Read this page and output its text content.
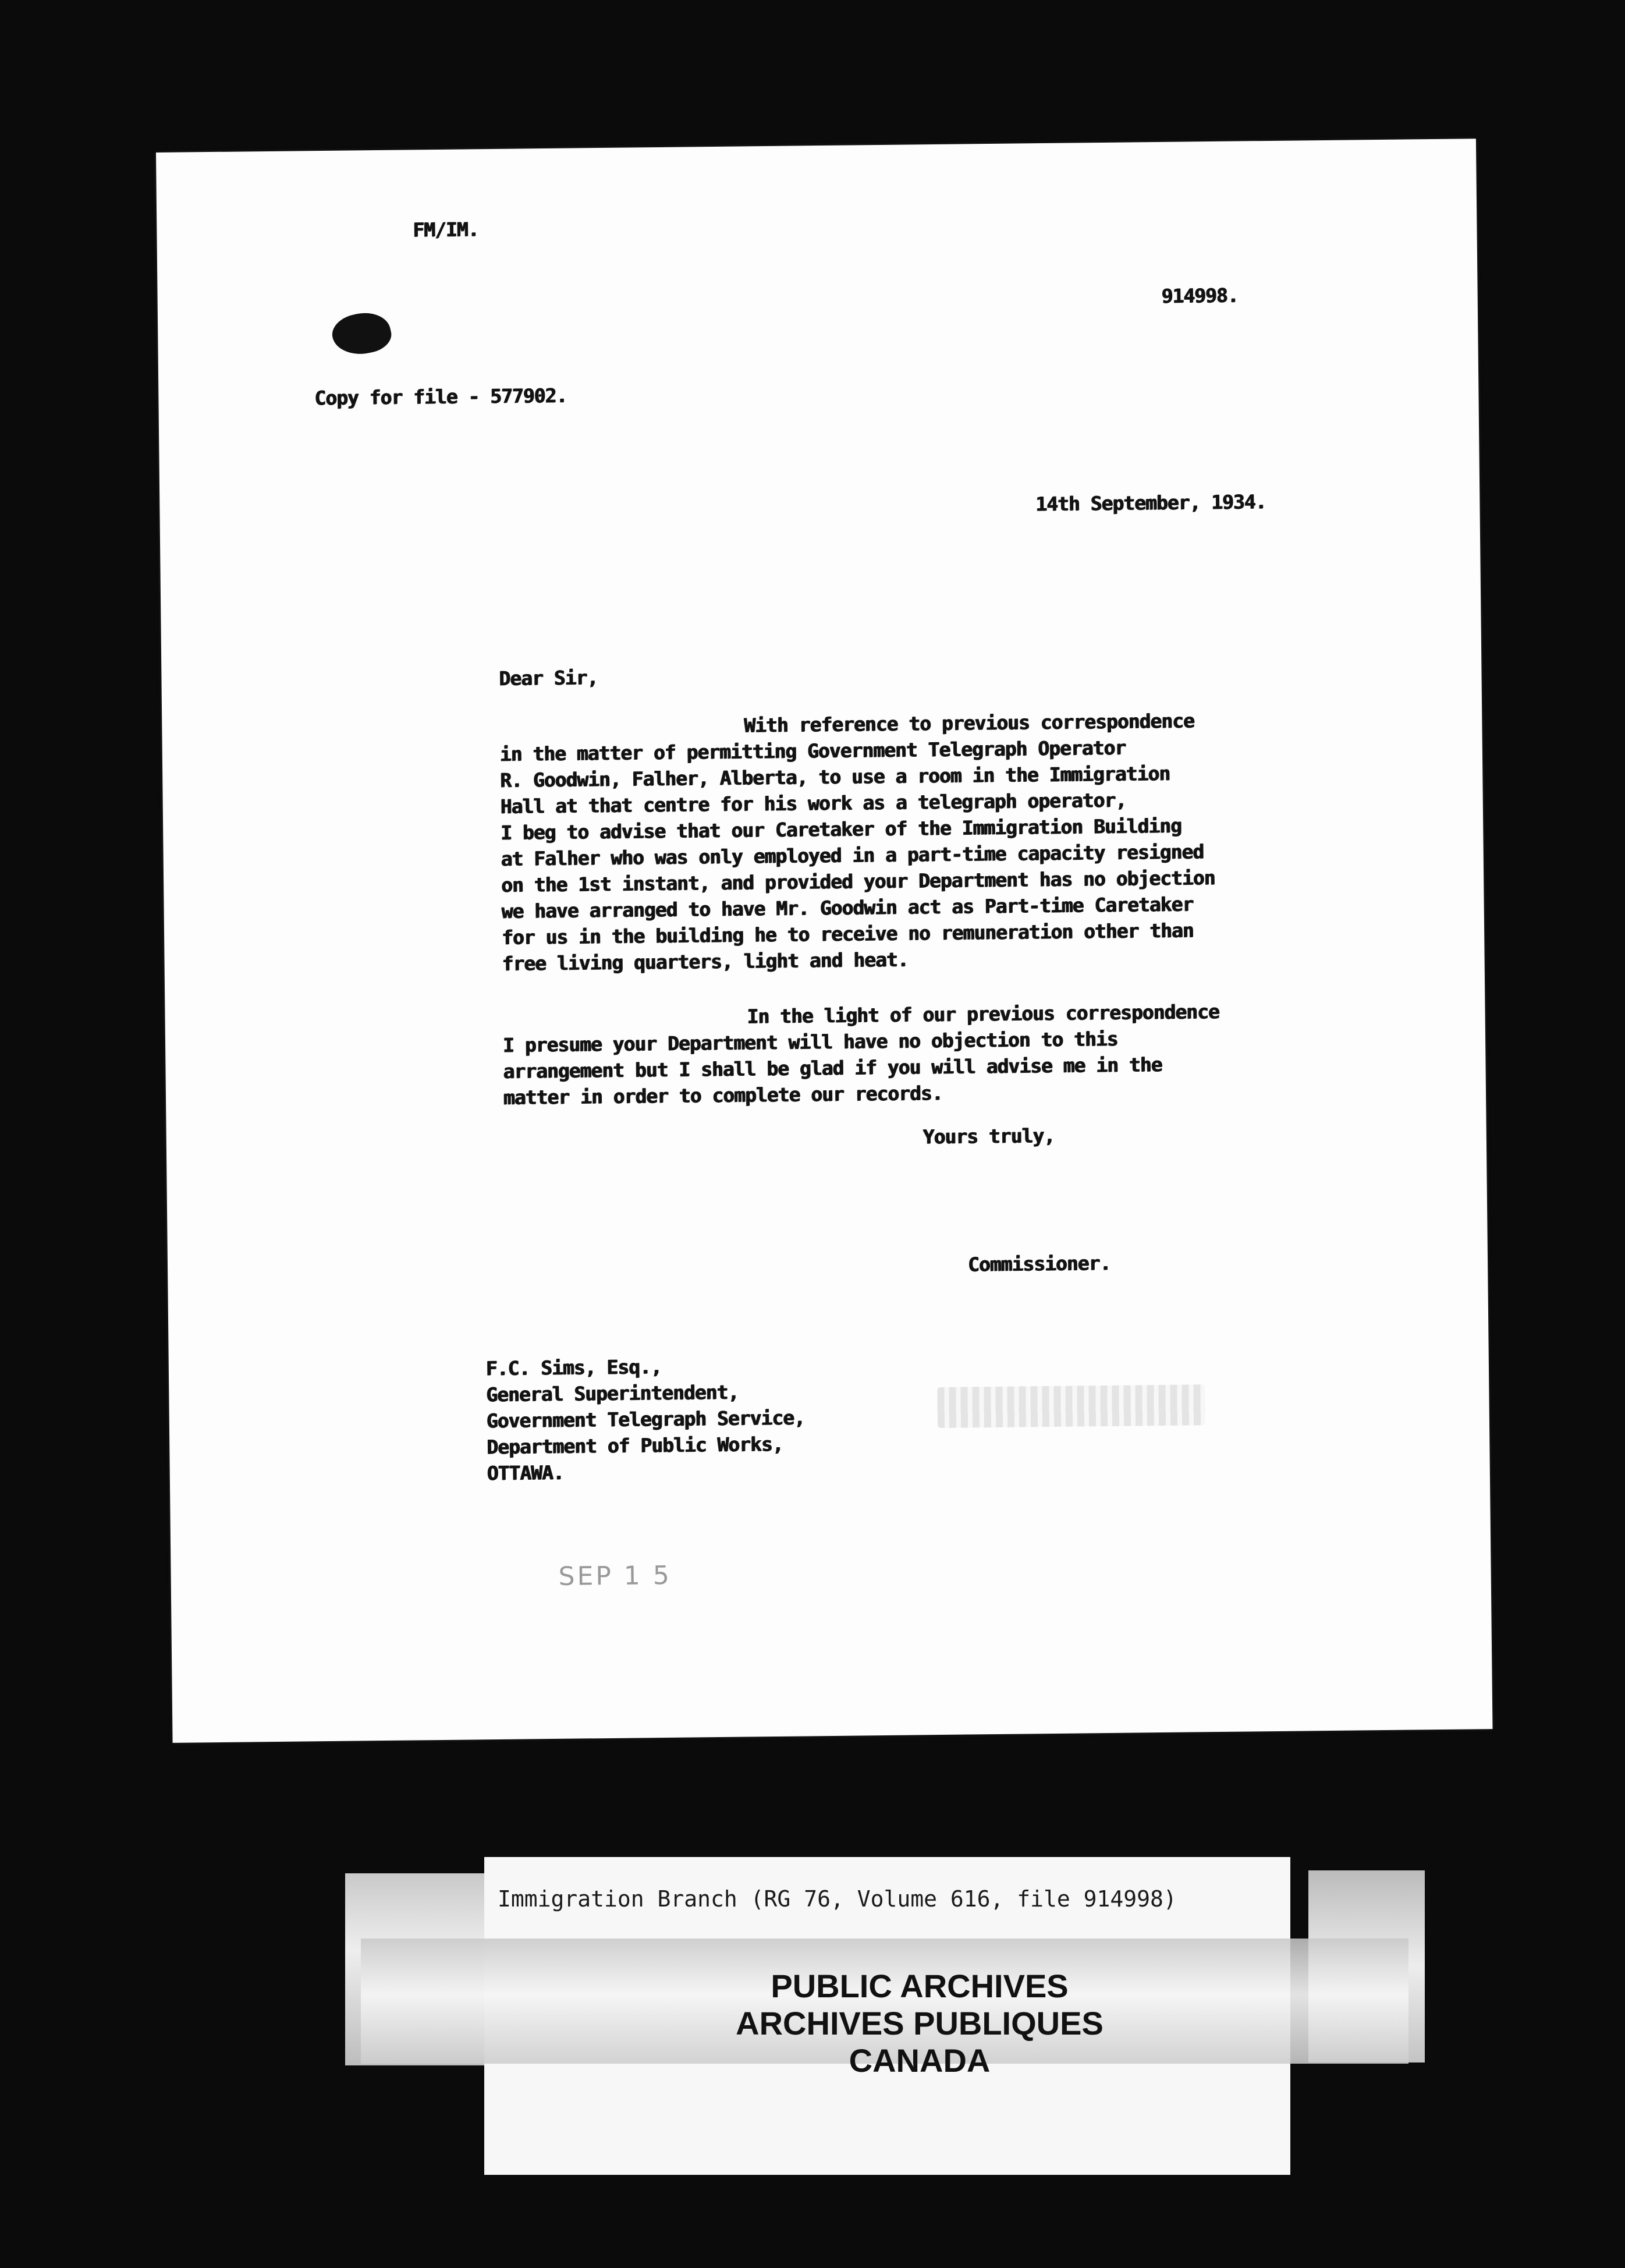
FM/IM.
914998.
Copy for file - 577902.
14th September, 1934.
Dear Sir,
With reference to previous correspondence
in the matter of permitting Government Telegraph Operator
R. Goodwin, Falher, Alberta, to use a room in the Immigration
Hall at that centre for his work as a telegraph operator,
I beg to advise that our Caretaker of the Immigration Building
at Falher who was only employed in a part-time capacity resigned
on the 1st instant, and provided your Department has no objection
we have arranged to have Mr. Goodwin act as Part-time Caretaker
for us in the building he to receive no remuneration other than
free living quarters, light and heat.
In the light of our previous correspondence
I presume your Department will have no objection to this
arrangement but I shall be glad if you will advise me in the
matter in order to complete our records.
Yours truly,
Commissioner.
F.C. Sims, Esq.,
General Superintendent,
Government Telegraph Service,
Department of Public Works,
OTTAWA.
SEP 1 5
Immigration Branch (RG 76, Volume 616, file 914998)
PUBLIC ARCHIVES
ARCHIVES PUBLIQUES
CANADA
